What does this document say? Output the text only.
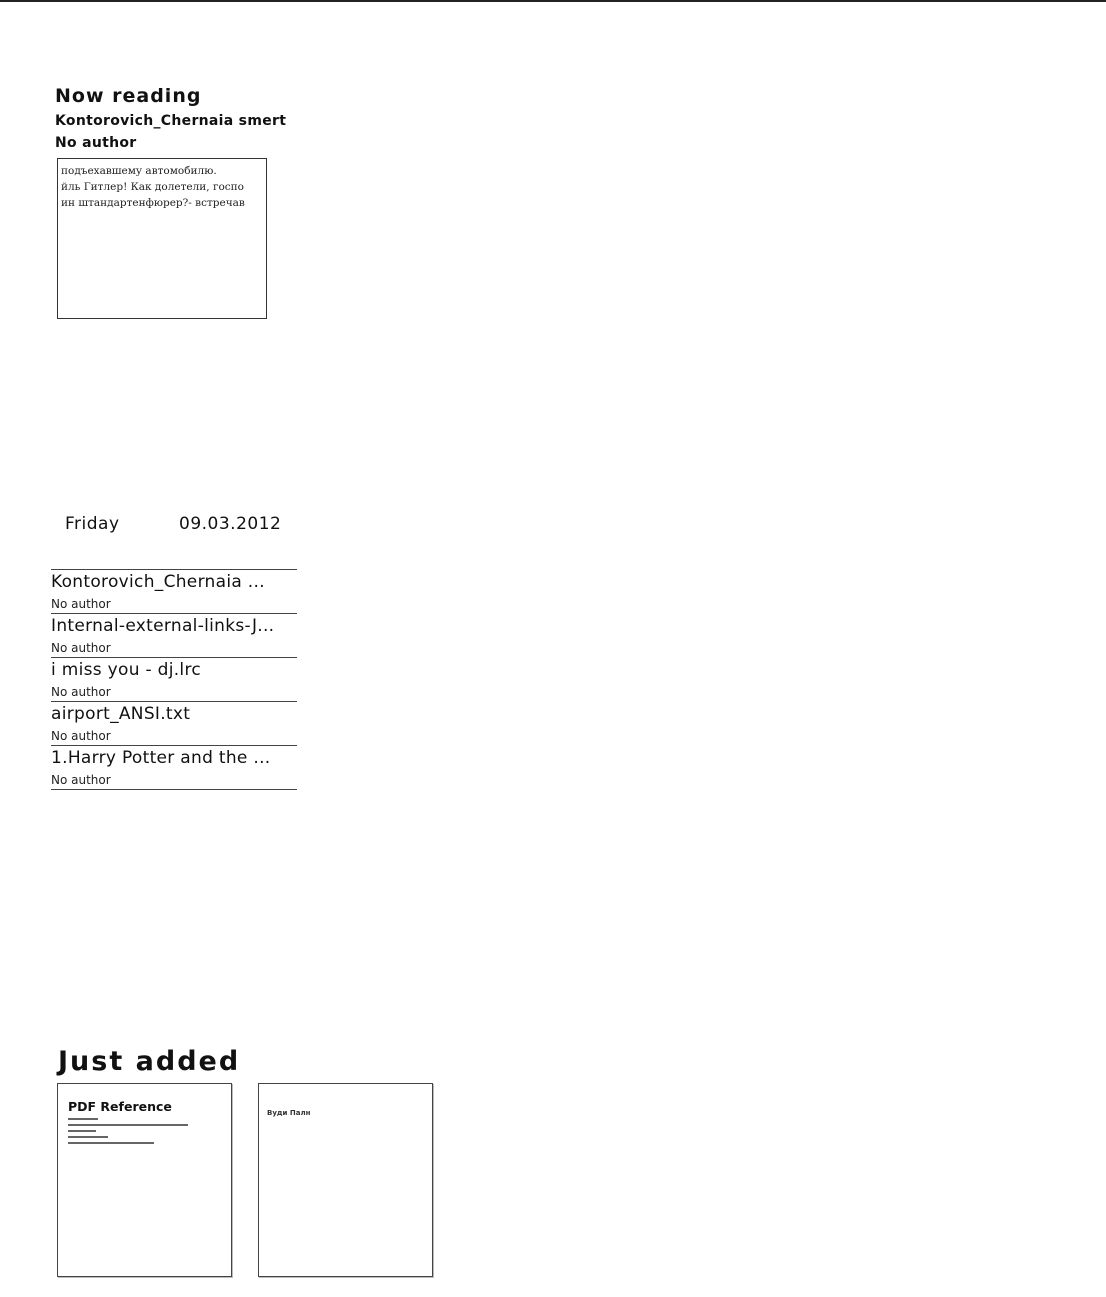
Now reading
Kontorovich_Chernaia smert
No author
подъехавшему автомобилю.
йль Гитлер! Как долетели, госпо
ин штандартенфюрер?- встречав
Friday	09.03.2012
Kontorovich_Chernaia ...
No author
Internal-external-links-J...
No author
i miss you - dj.lrc
No author
airport_ANSI.txt
No author
1.Harry Potter and the ...
No author
Just added
PDF Reference	Вуди Палн
